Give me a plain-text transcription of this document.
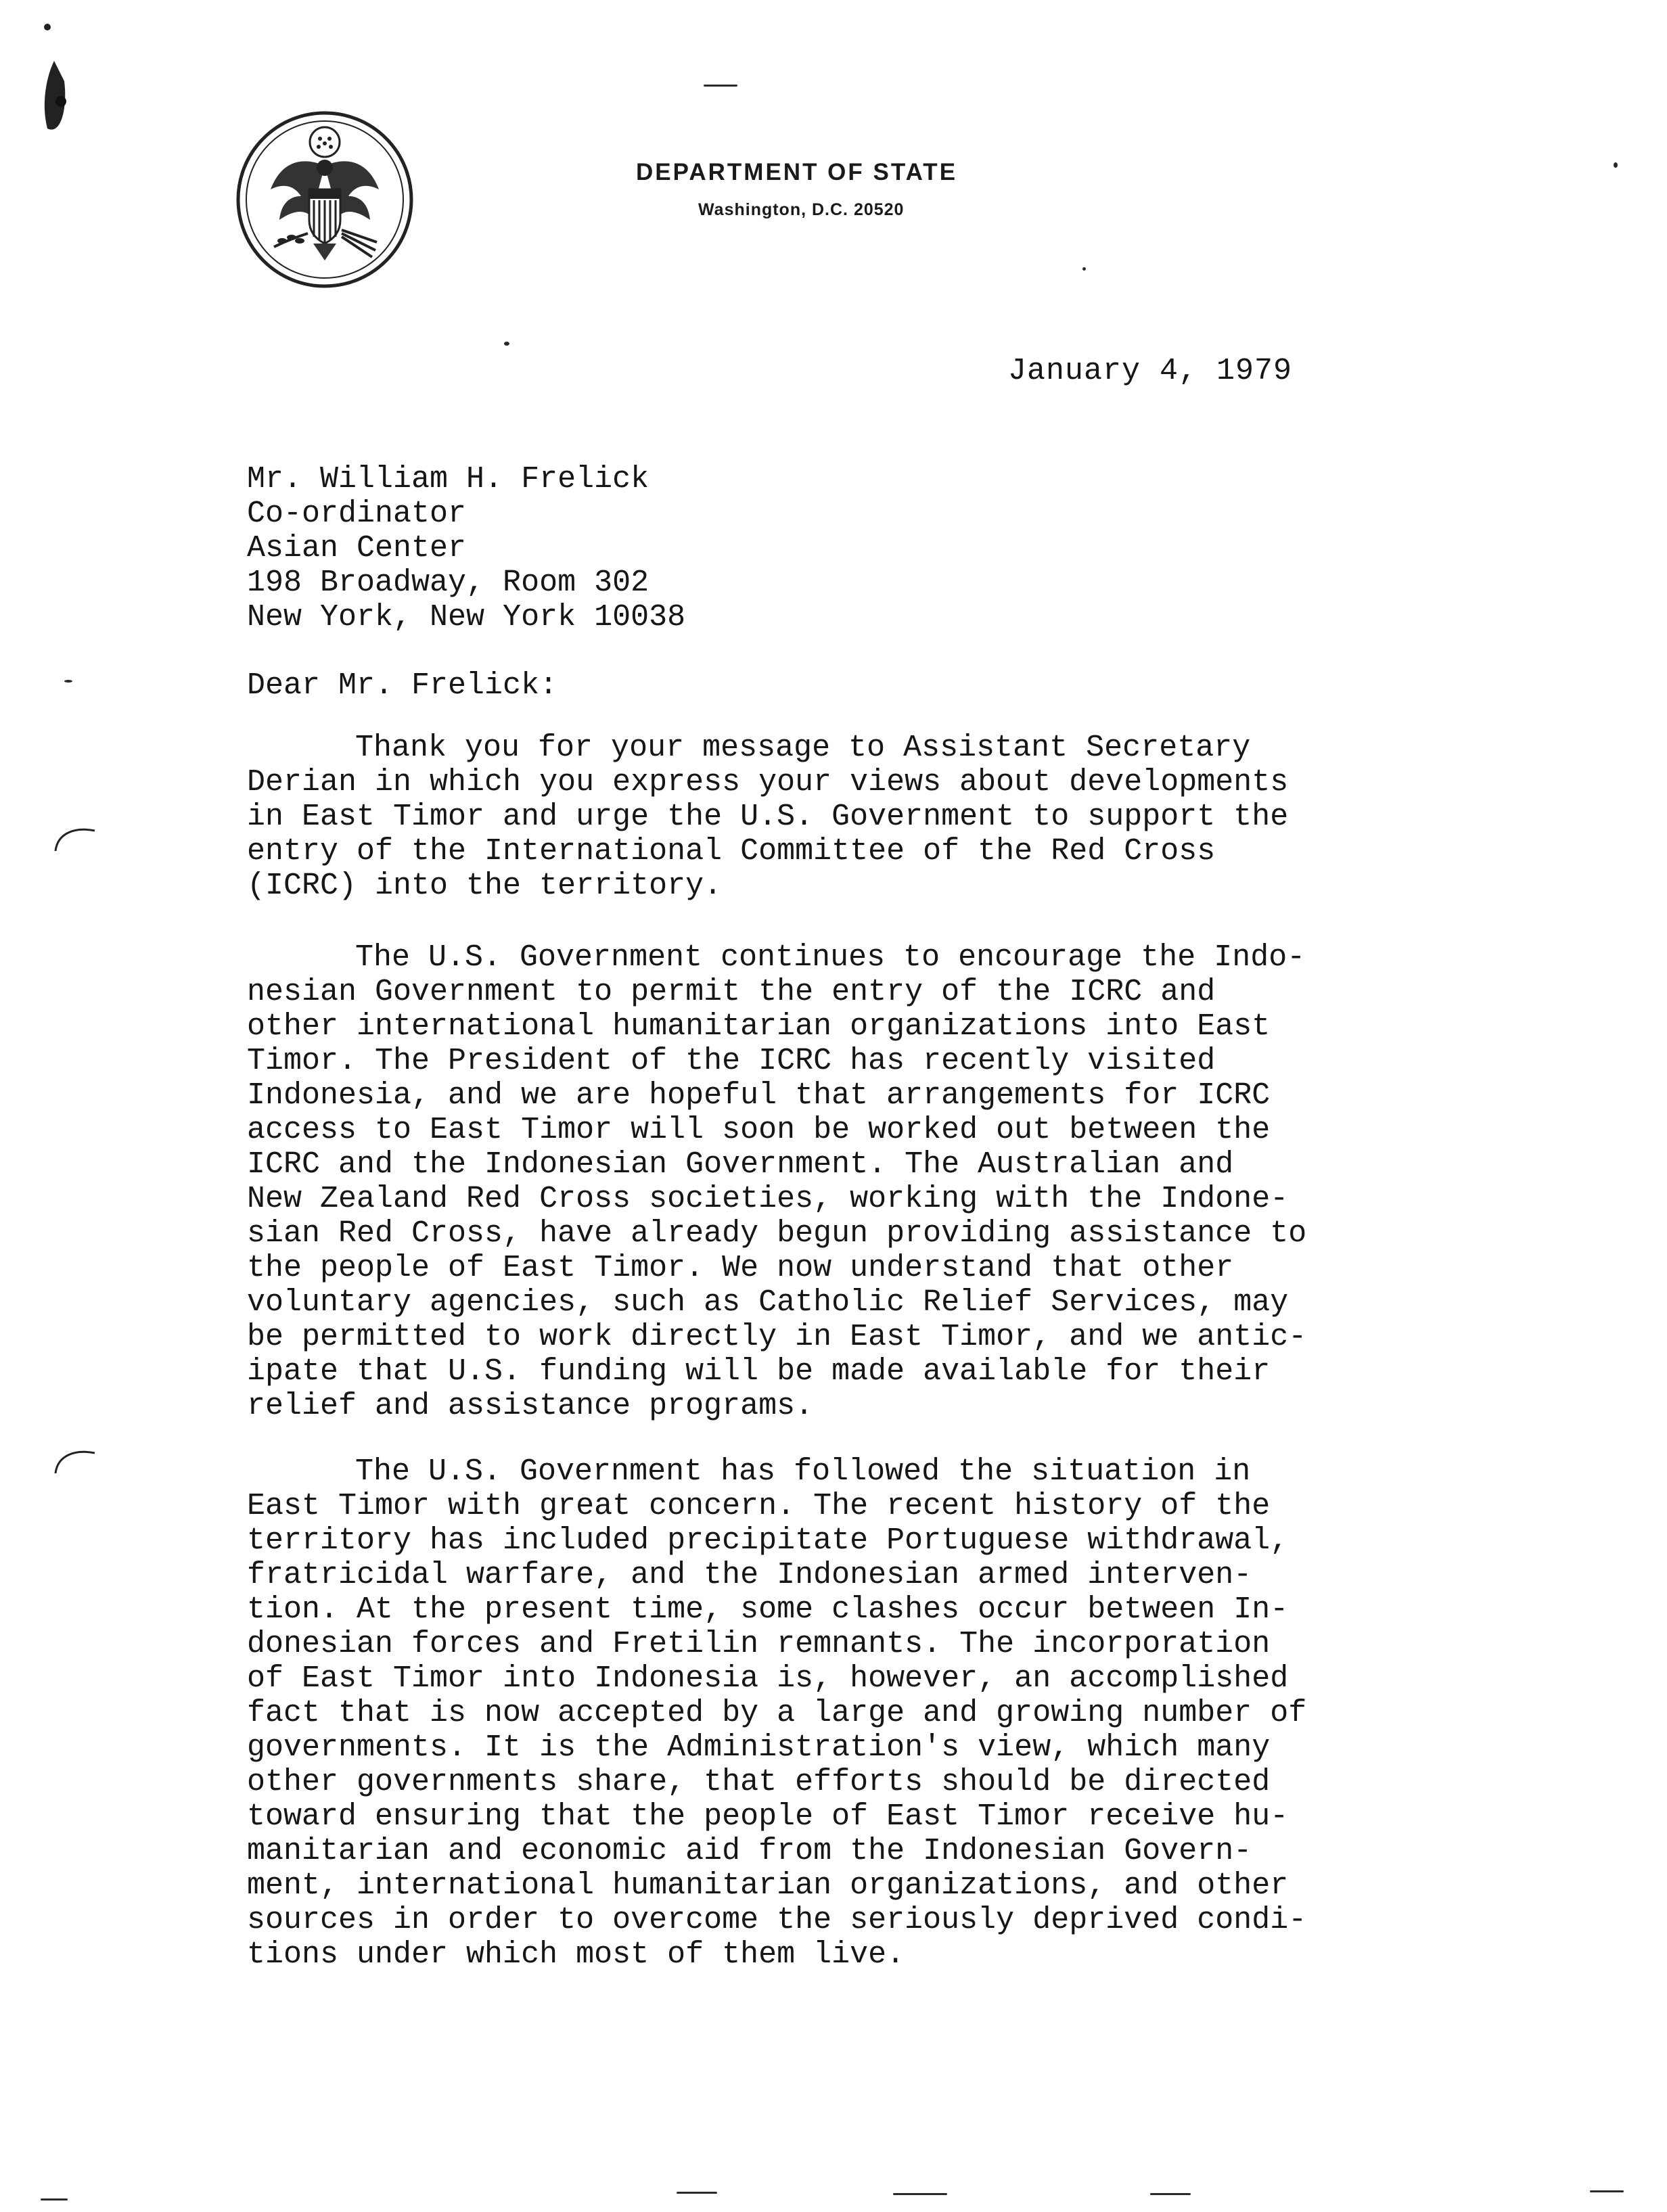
DEPARTMENT OF STATE
Washington, D.C. 20520
January 4, 1979
Mr. William H. Frelick
Co-ordinator
Asian Center
198 Broadway, Room 302
New York, New York 10038
Dear Mr. Frelick:
Thank you for your message to Assistant Secretary
Derian in which you express your views about developments
in East Timor and urge the U.S. Government to support the
entry of the International Committee of the Red Cross
(ICRC) into the territory.
The U.S. Government continues to encourage the Indo-
nesian Government to permit the entry of the ICRC and
other international humanitarian organizations into East
Timor. The President of the ICRC has recently visited
Indonesia, and we are hopeful that arrangements for ICRC
access to East Timor will soon be worked out between the
ICRC and the Indonesian Government. The Australian and
New Zealand Red Cross societies, working with the Indone-
sian Red Cross, have already begun providing assistance to
the people of East Timor. We now understand that other
voluntary agencies, such as Catholic Relief Services, may
be permitted to work directly in East Timor, and we antic-
ipate that U.S. funding will be made available for their
relief and assistance programs.
The U.S. Government has followed the situation in
East Timor with great concern. The recent history of the
territory has included precipitate Portuguese withdrawal,
fratricidal warfare, and the Indonesian armed interven-
tion. At the present time, some clashes occur between In-
donesian forces and Fretilin remnants. The incorporation
of East Timor into Indonesia is, however, an accomplished
fact that is now accepted by a large and growing number of
governments. It is the Administration's view, which many
other governments share, that efforts should be directed
toward ensuring that the people of East Timor receive hu-
manitarian and economic aid from the Indonesian Govern-
ment, international humanitarian organizations, and other
sources in order to overcome the seriously deprived condi-
tions under which most of them live.
